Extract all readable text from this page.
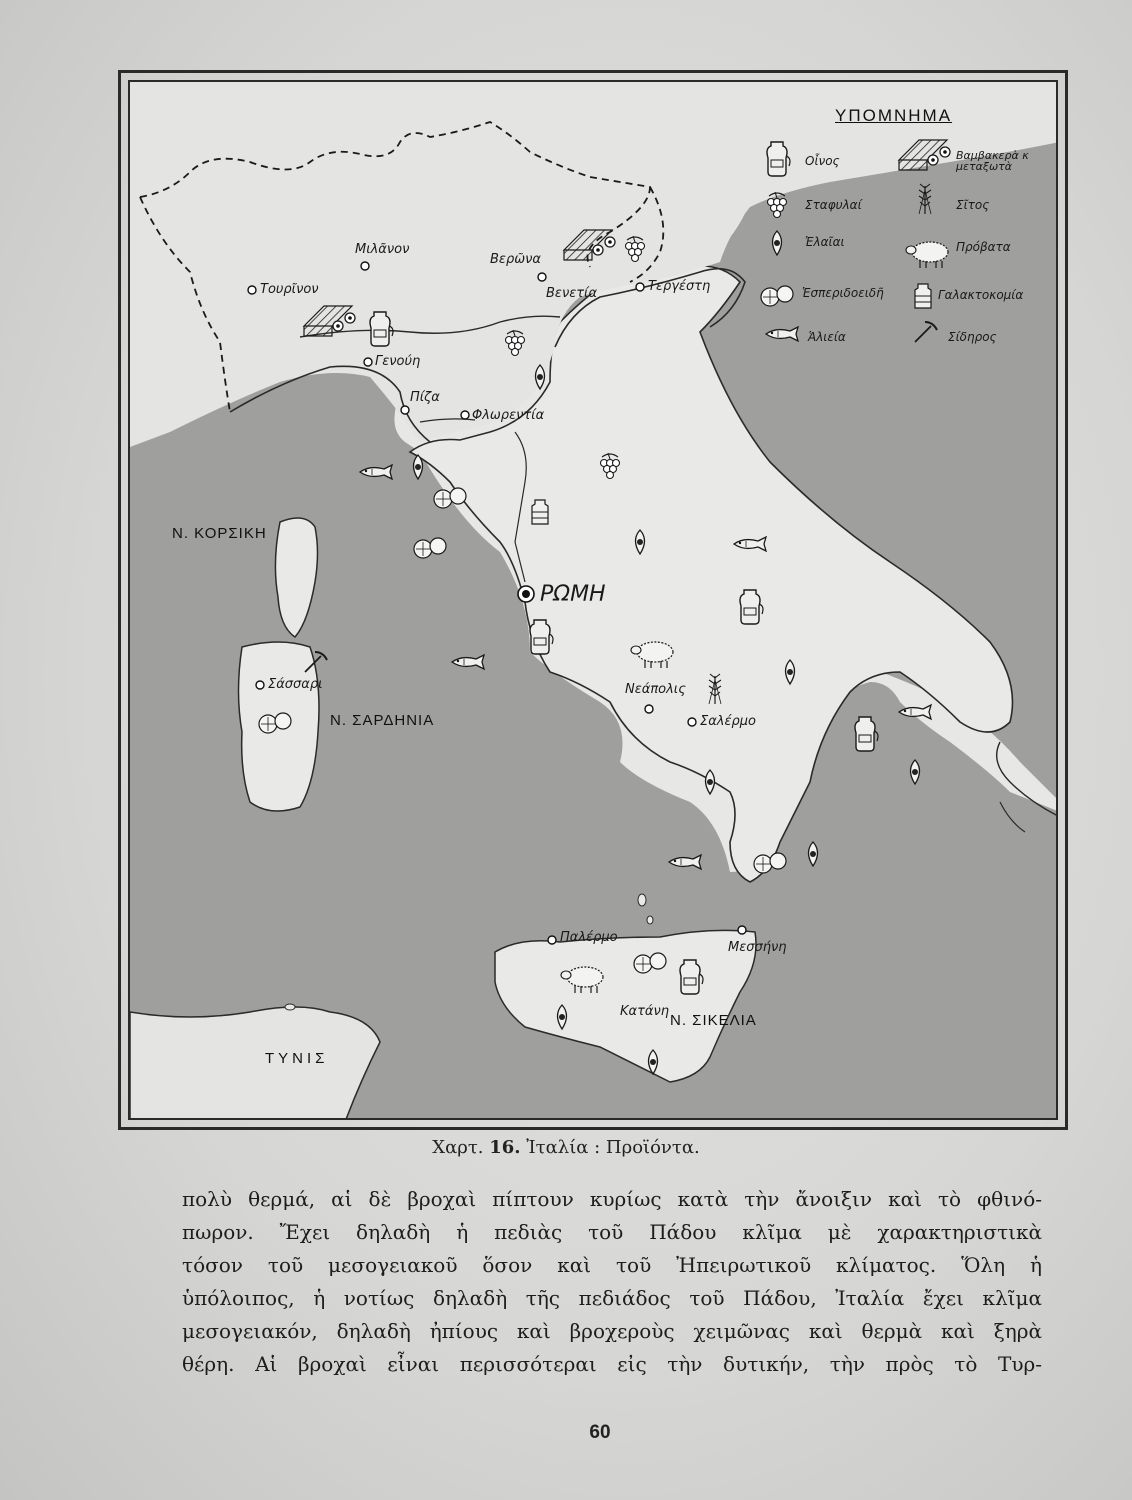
ΥΠΟΜΝΗΜΑ
Οἶνος	Βαμβακερὰ κ μεταξωτὰ
Σταφυλαί	Σῖτος
Ἐλαῖαι	Πρόβατα
Ἑσπεριδοειδῆ	Γαλακτοκομία
Ἁλιεία	Σίδηρος
Μιλᾶνον
Τουρῖνον
Βερῶνα
Βενετία	Τεργέστη
Γενούη
Πίζα
Φλωρεντία
ΡΩΜΗ
Νεάπολις
Σαλέρμο
Σάσσαρι
Παλέρμο
Μεσσήνη
Κατάνη
Ν. ΚΟΡΣΙΚΗ
Ν. ΣΑΡΔΗΝΙΑ
Ν. ΣΙΚΕΛΙΑ
ΤΥΝΙΣ
Χαρτ. 16. Ἰταλία : Προϊόντα.
πολὺ θερμά, αἱ δὲ βροχαὶ πίπτουν κυρίως κατὰ τὴν ἄνοιξιν καὶ τὸ φθινό-
πωρον. Ἔχει δηλαδὴ ἡ πεδιὰς τοῦ Πάδου κλῖμα μὲ χαρακτηριστικὰ
τόσον τοῦ μεσογειακοῦ ὅσον καὶ τοῦ Ἠπειρωτικοῦ κλίματος. Ὅλη ἡ
ὑπόλοιπος, ἡ νοτίως δηλαδὴ τῆς πεδιάδος τοῦ Πάδου, Ἰταλία ἔχει κλῖμα
μεσογειακόν, δηλαδὴ ἠπίους καὶ βροχεροὺς χειμῶνας καὶ θερμὰ καὶ ξηρὰ
θέρη. Αἱ βροχαὶ εἶναι περισσότεραι εἰς τὴν δυτικήν, τὴν πρὸς τὸ Τυρ-
60
